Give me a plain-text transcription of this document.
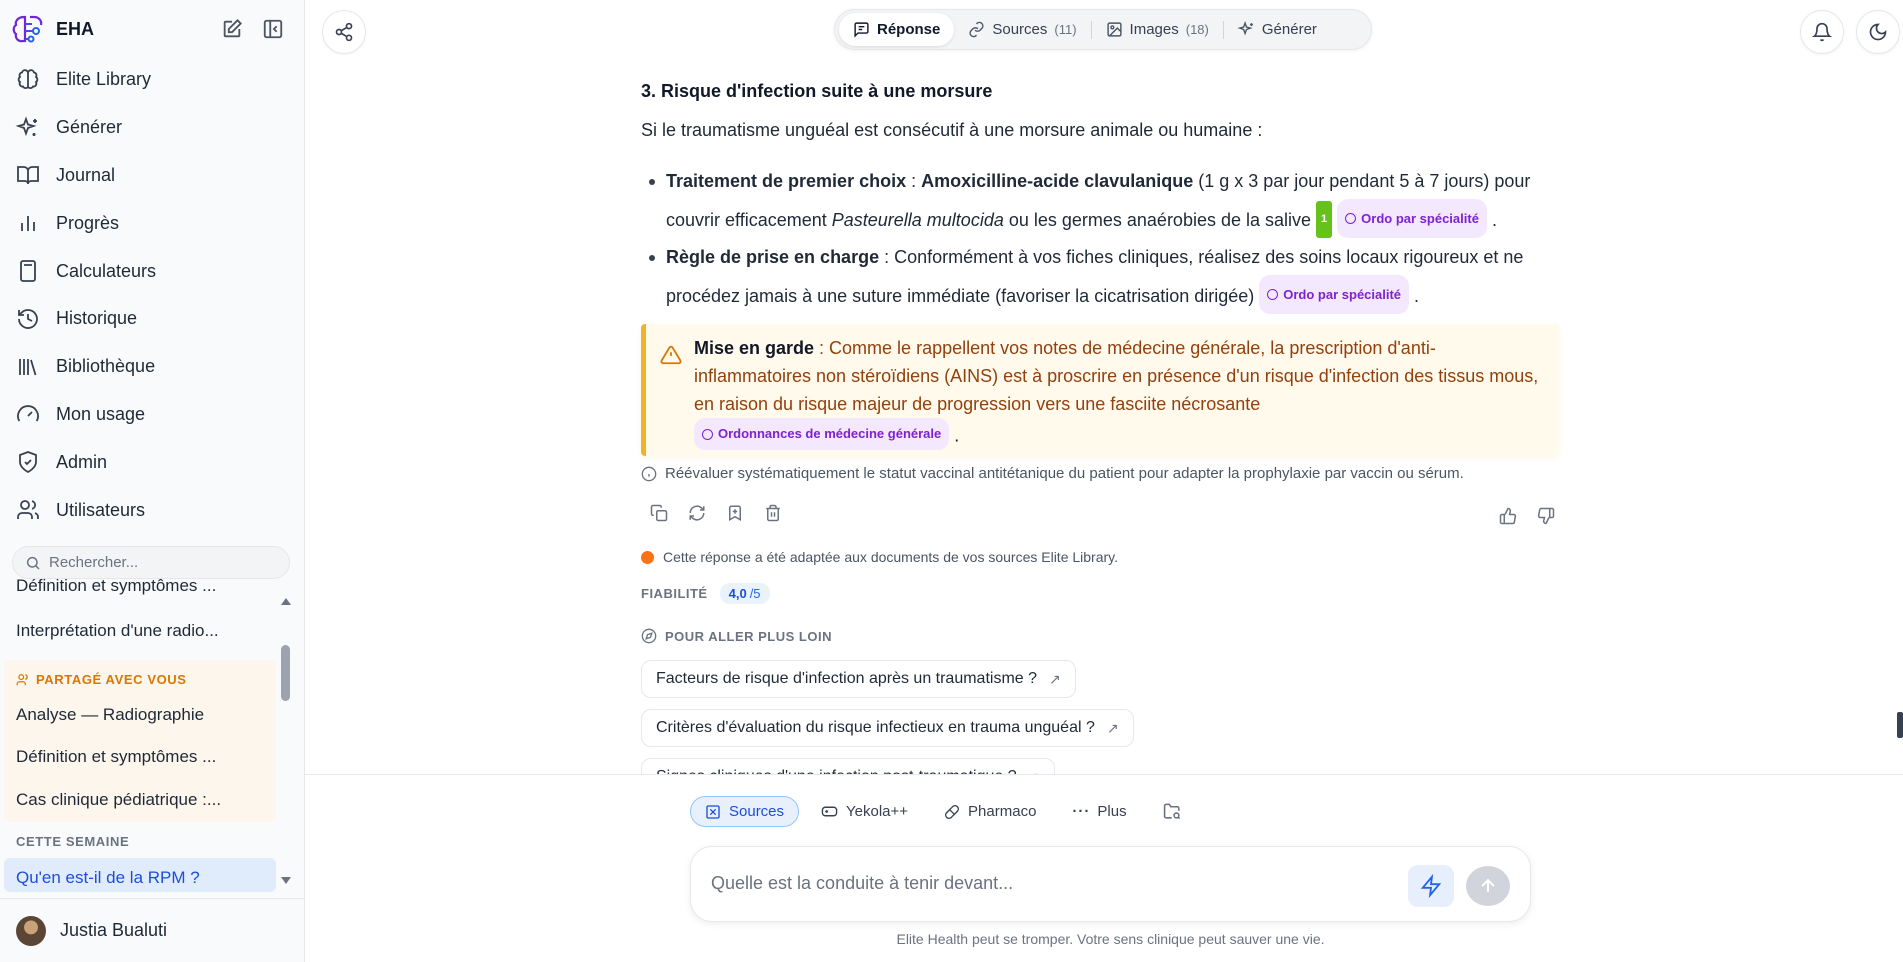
EHA
Elite Library
Générer
Journal
Progrès
Calculateurs
Historique
Bibliothèque
Mon usage
Admin
Utilisateurs
Rechercher...
Définition et symptômes ...
Interprétation d'une radio...
PARTAGÉ AVEC VOUS
Analyse — Radiographie
Définition et symptômes ...
Cas clinique pédiatrique :...
CETTE SEMAINE
Qu'en est-il de la RPM ?
Justia Bualuti
Réponse	Sources (11)	Images (18)	Générer
3. Risque d'infection suite à une morsure
Si le traumatisme unguéal est consécutif à une morsure animale ou humaine :
Traitement de premier choix : Amoxicilline-acide clavulanique (1 g x 3 par jour pendant 5 à 7 jours) pour couvrir efficacement Pasteurella multocida ou les germes anaérobies de la salive 1	Ordo par spécialité .
Règle de prise en charge : Conformément à vos fiches cliniques, réalisez des soins locaux rigoureux et ne procédez jamais à une suture immédiate (favoriser la cicatrisation dirigée) Ordo par spécialité .
Mise en garde : Comme le rappellent vos notes de médecine générale, la prescription d'anti-inflammatoires non stéroïdiens (AINS) est à proscrire en présence d'un risque d'infection des tissus mous, en raison du risque majeur de progression vers une fasciite nécrosante

Ordonnances de médecine générale .
Réévaluer systématiquement le statut vaccinal antitétanique du patient pour adapter la prophylaxie par vaccin ou sérum.
Cette réponse a été adaptée aux documents de vos sources Elite Library.
FIABILITÉ	4,0 /5
POUR ALLER PLUS LOIN
Facteurs de risque d'infection après un traumatisme ? ↗
Critères d'évaluation du risque infectieux en trauma unguéal ? ↗
Sources	Yekola++	Pharmaco ··· Plus
Quelle est la conduite à tenir devant...
Elite Health peut se tromper. Votre sens clinique peut sauver une vie.
